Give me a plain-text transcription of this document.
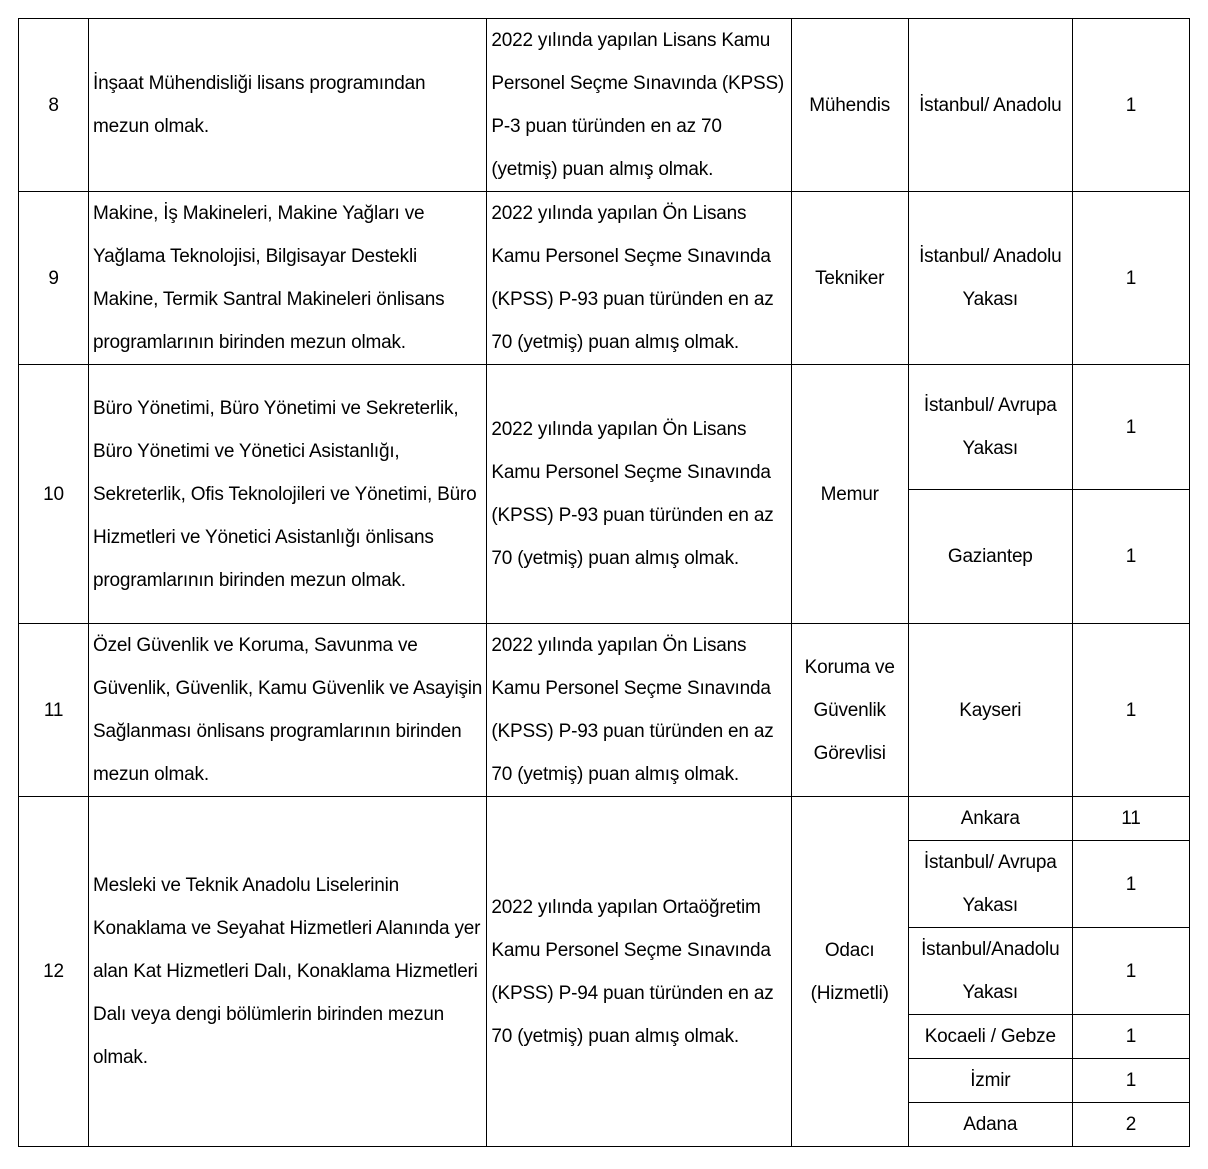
8	İnşaat Mühendisliği lisans programından mezun olmak.	2022 yılında yapılan Lisans Kamu Personel Seçme Sınavında (KPSS) P-3 puan türünden en az 70 (yetmiş) puan almış olmak.	Mühendis	İstanbul/ Anadolu	1
9	Makine, İş Makineleri, Makine Yağları ve Yağlama Teknolojisi, Bilgisayar Destekli Makine, Termik Santral Makineleri önlisans programlarının birinden mezun olmak.	2022 yılında yapılan Ön Lisans Kamu Personel Seçme Sınavında (KPSS) P-93 puan türünden en az 70 (yetmiş) puan almış olmak.	Tekniker	İstanbul/ Anadolu Yakası	1
10	Büro Yönetimi, Büro Yönetimi ve Sekreterlik, Büro Yönetimi ve Yönetici Asistanlığı, Sekreterlik, Ofis Teknolojileri ve Yönetimi, Büro Hizmetleri ve Yönetici Asistanlığı önlisans programlarının birinden mezun olmak.	2022 yılında yapılan Ön Lisans Kamu Personel Seçme Sınavında (KPSS) P-93 puan türünden en az 70 (yetmiş) puan almış olmak.	Memur	İstanbul/ Avrupa Yakası	1
				Gaziantep	1
11	Özel Güvenlik ve Koruma, Savunma ve Güvenlik, Güvenlik, Kamu Güvenlik ve Asayişin Sağlanması önlisans programlarının birinden mezun olmak.	2022 yılında yapılan Ön Lisans Kamu Personel Seçme Sınavında (KPSS) P-93 puan türünden en az 70 (yetmiş) puan almış olmak.	Koruma ve Güvenlik Görevlisi	Kayseri	1
12	Mesleki ve Teknik Anadolu Liselerinin Konaklama ve Seyahat Hizmetleri Alanında yer alan Kat Hizmetleri Dalı, Konaklama Hizmetleri Dalı veya dengi bölümlerin birinden mezun olmak.	2022 yılında yapılan Ortaöğretim Kamu Personel Seçme Sınavında (KPSS) P-94 puan türünden en az 70 (yetmiş) puan almış olmak.	Odacı (Hizmetli)	Ankara	11
				İstanbul/ Avrupa Yakası	1
				İstanbul/Anadolu Yakası	1
				Kocaeli / Gebze	1
				İzmir	1
				Adana	2
